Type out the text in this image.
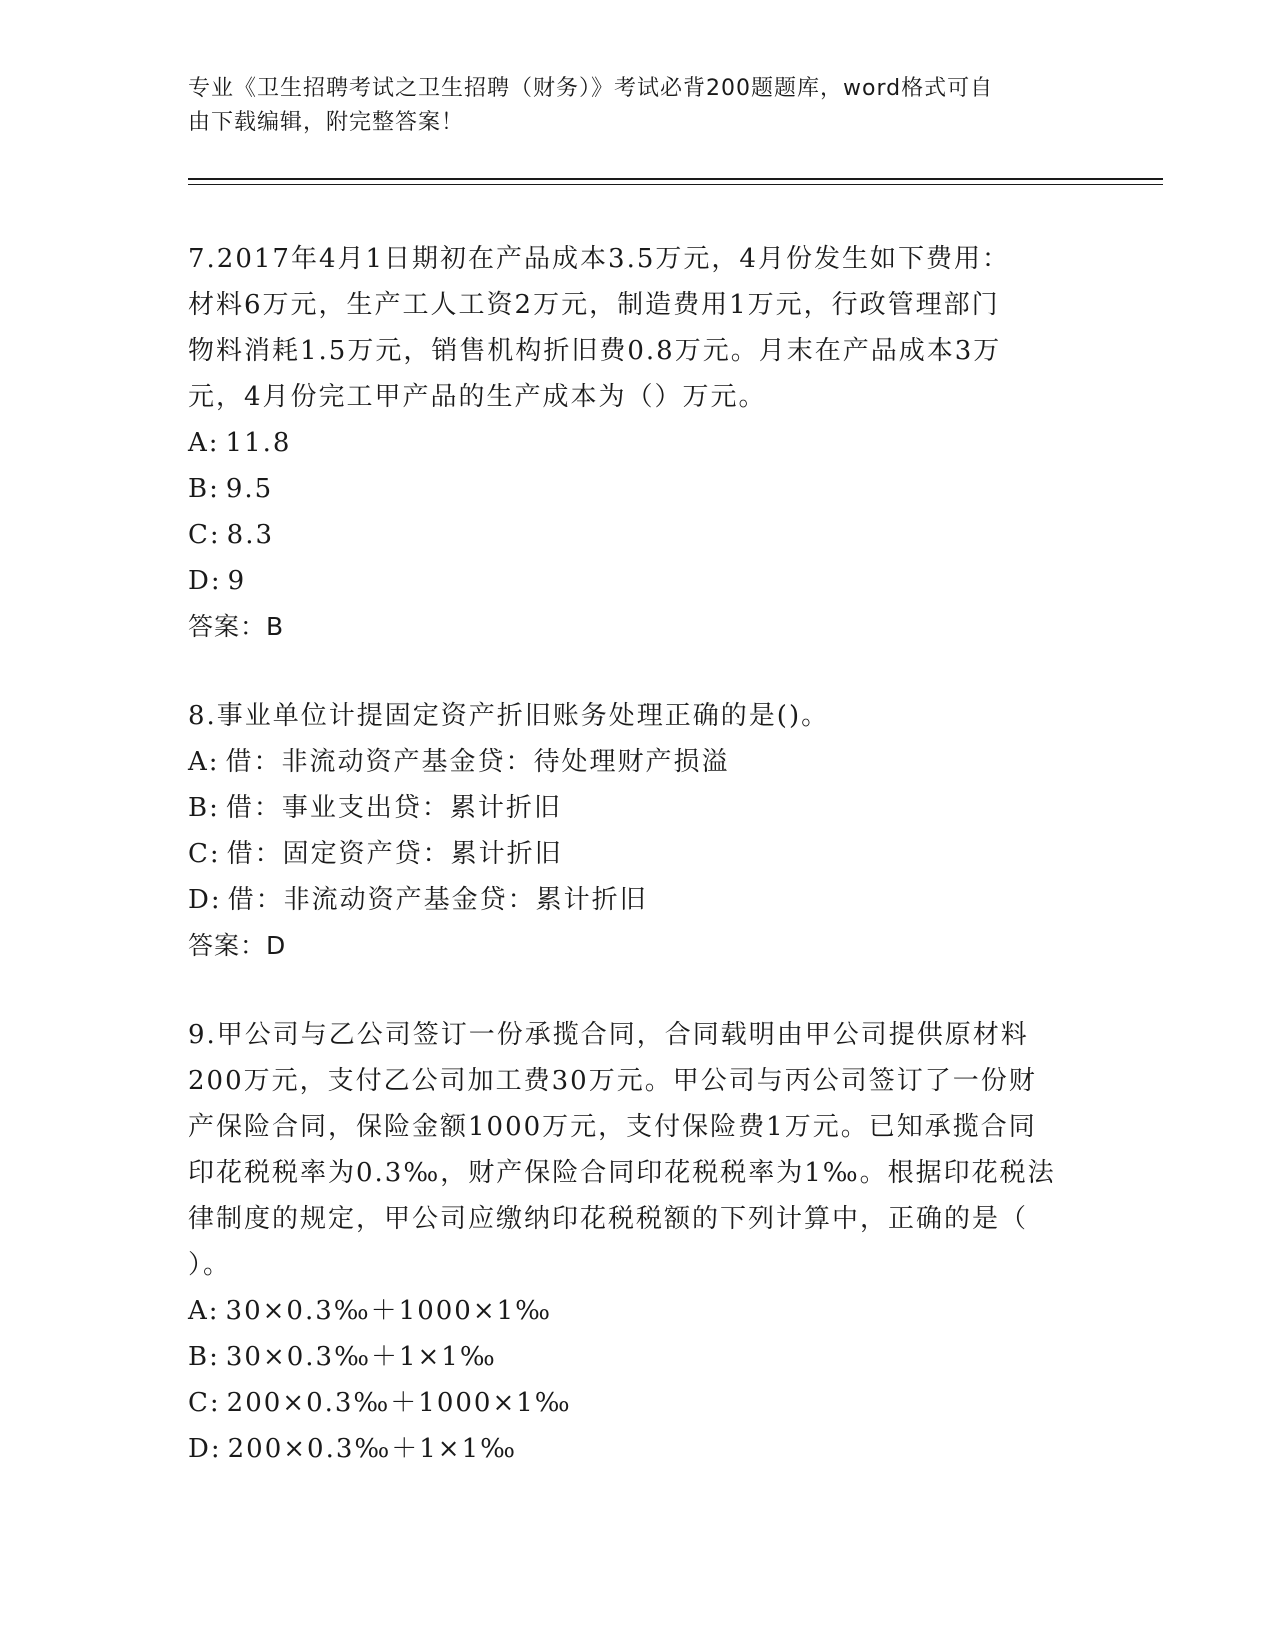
专业《卫生招聘考试之卫生招聘（财务）》考试必背200题题库，word格式可自
由下载编辑，附完整答案！
7.2017年4月1日期初在产品成本3.5万元，4月份发生如下费用：
材料6万元，生产工人工资2万元，制造费用1万元，行政管理部门
物料消耗1.5万元，销售机构折旧费0.8万元。月末在产品成本3万
元，4月份完工甲产品的生产成本为（）万元。
A: 11.8
B: 9.5
C: 8.3
D: 9
答案：B
8.事业单位计提固定资产折旧账务处理正确的是()。
A: 借：非流动资产基金贷：待处理财产损溢
B: 借：事业支出贷：累计折旧
C: 借：固定资产贷：累计折旧
D: 借：非流动资产基金贷：累计折旧
答案：D
9.甲公司与乙公司签订一份承揽合同，合同载明由甲公司提供原材料
200万元，支付乙公司加工费30万元。甲公司与丙公司签订了一份财
产保险合同，保险金额1000万元，支付保险费1万元。已知承揽合同
印花税税率为0.3‰，财产保险合同印花税税率为1‰。根据印花税法
律制度的规定，甲公司应缴纳印花税税额的下列计算中，正确的是（
）。
A: 30×0.3‰＋1000×1‰
B: 30×0.3‰＋1×1‰
C: 200×0.3‰＋1000×1‰
D: 200×0.3‰＋1×1‰
